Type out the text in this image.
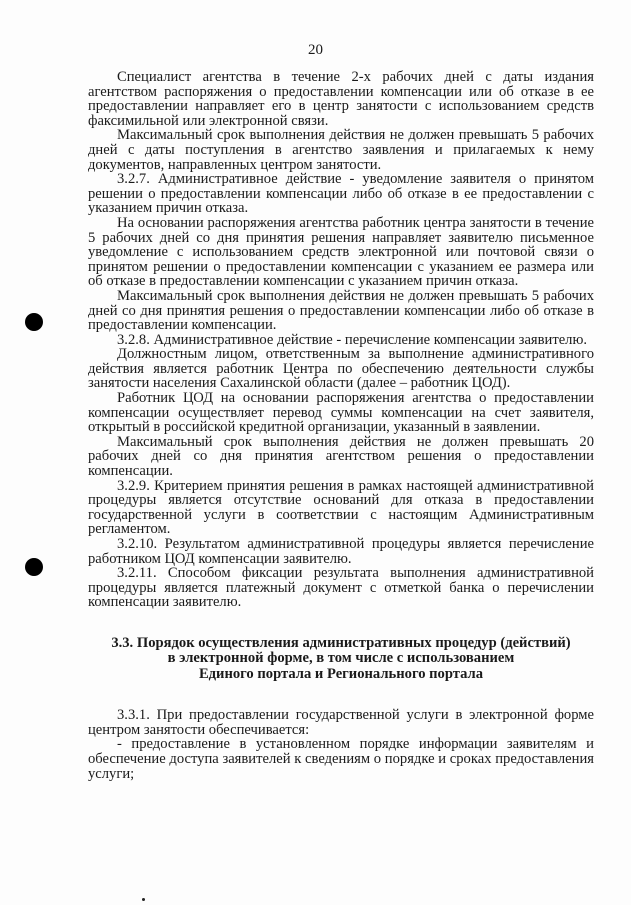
20

Специалист агентства в течение 2-х рабочих дней с даты издания агентством распоряжения о предоставлении компенсации или об отказе в ее предоставлении направляет его в центр занятости с использованием средств факсимильной или электронной связи.

Максимальный срок выполнения действия не должен превышать 5 рабочих дней с даты поступления в агентство заявления и прилагаемых к нему документов, направленных центром занятости.

3.2.7. Административное действие - уведомление заявителя о принятом решении о предоставлении компенсации либо об отказе в ее предоставлении с указанием причин отказа.

На основании распоряжения агентства работник центра занятости в течение 5 рабочих дней со дня принятия решения направляет заявителю письменное уведомление с использованием средств электронной или почтовой связи о принятом решении о предоставлении компенсации с указанием ее размера или об отказе в предоставлении компенсации с указанием причин отказа.

Максимальный срок выполнения действия не должен превышать 5 рабочих дней со дня принятия решения о предоставлении компенсации либо об отказе в предоставлении компенсации.

3.2.8. Административное действие - перечисление компенсации заявителю.

Должностным лицом, ответственным за выполнение административного действия является работник Центра по обеспечению деятельности службы занятости населения Сахалинской области (далее – работник ЦОД).

Работник ЦОД на основании распоряжения агентства о предоставлении компенсации осуществляет перевод суммы компенсации на счет заявителя, открытый в российской кредитной организации, указанный в заявлении.

Максимальный срок выполнения действия не должен превышать 20 рабочих дней со дня принятия агентством решения о предоставлении компенсации.

3.2.9. Критерием принятия решения в рамках настоящей административной процедуры является отсутствие оснований для отказа в предоставлении государственной услуги в соответствии с настоящим Административным регламентом.

3.2.10. Результатом административной процедуры является перечисление работником ЦОД компенсации заявителю.

3.2.11. Способом фиксации результата выполнения административной процедуры является платежный документ с отметкой банка о перечислении компенсации заявителю.

3.3. Порядок осуществления административных процедур (действий)
в электронной форме, в том числе с использованием
Единого портала и Регионального портала

3.3.1. При предоставлении государственной услуги в электронной форме центром занятости обеспечивается:

- предоставление в установленном порядке информации заявителям и обеспечение доступа заявителей к сведениям о порядке и сроках предоставления услуги;
